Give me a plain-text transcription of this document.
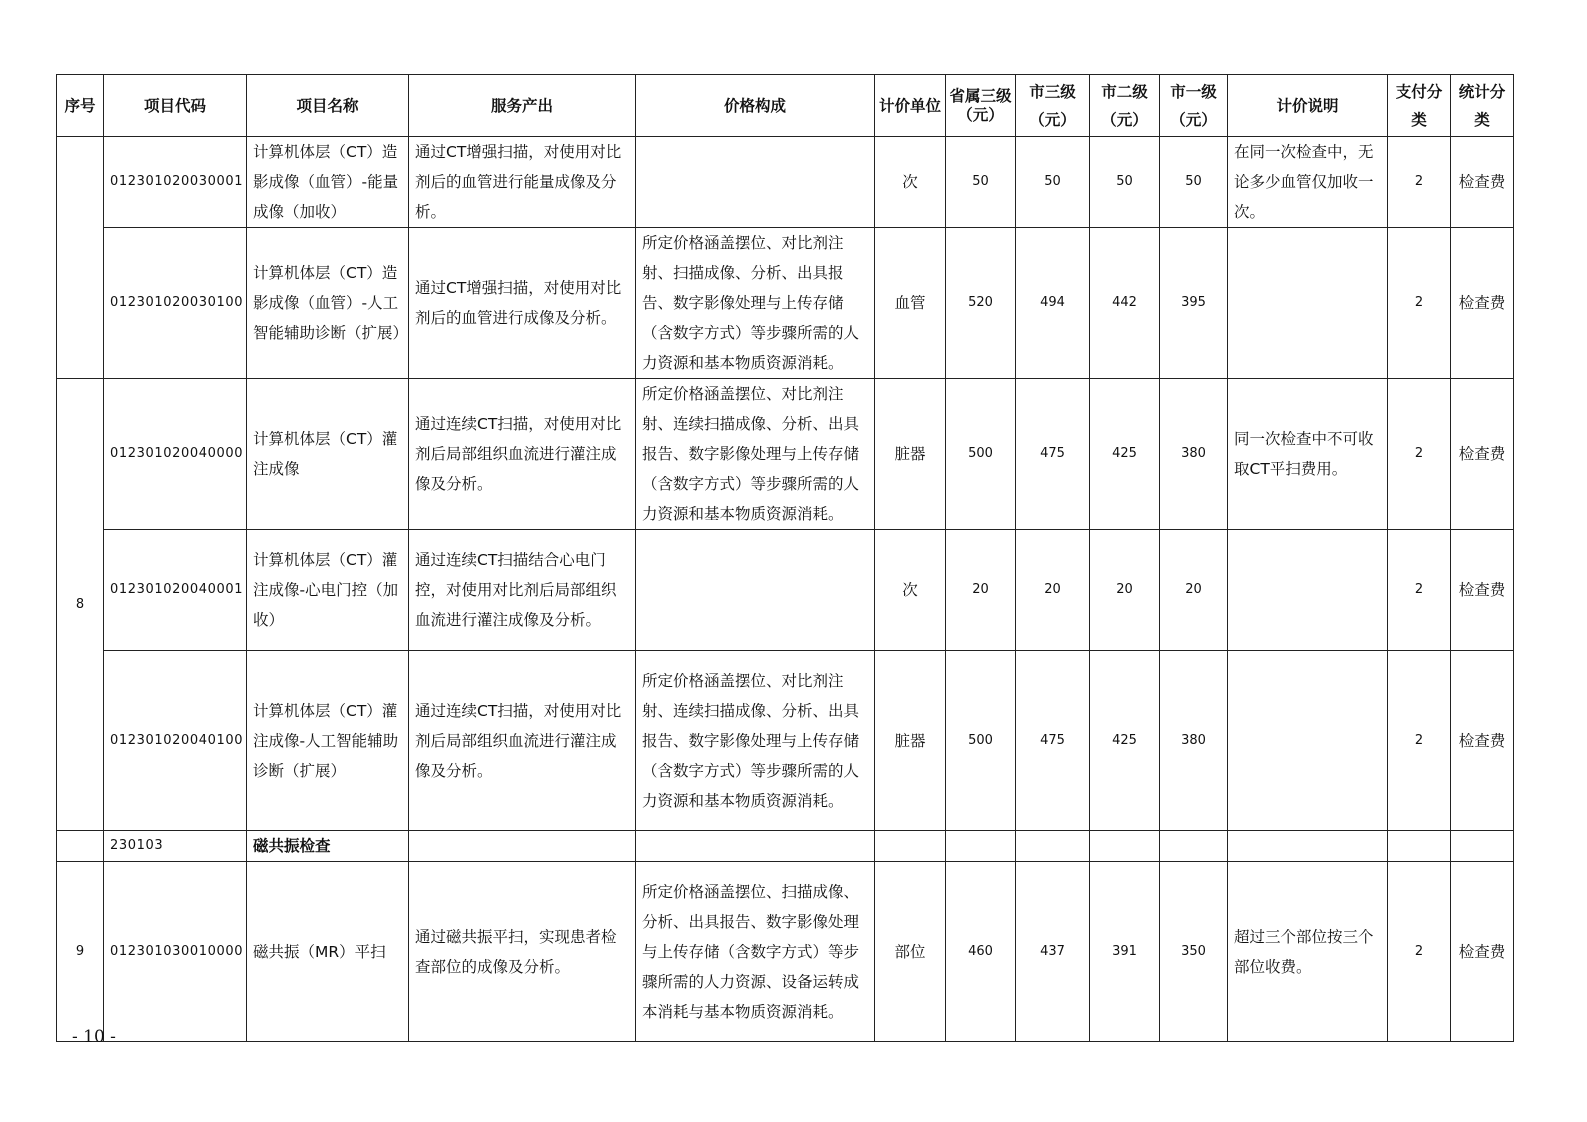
序号	项目代码	项目名称	服务产出	价格构成	计价单位	省属三级（元）	市三级（元）	市二级（元）	市一级（元）	计价说明	支付分类	统计分类
	012301020030001	计算机体层（CT）造影成像（血管）-能量成像（加收）	通过CT增强扫描，对使用对比剂后的血管进行能量成像及分析。		次	50	50	50	50	在同一次检查中，无论多少血管仅加收一次。	2	检查费
	012301020030100	计算机体层（CT）造影成像（血管）-人工智能辅助诊断（扩展）	通过CT增强扫描，对使用对比剂后的血管进行成像及分析。	所定价格涵盖摆位、对比剂注射、扫描成像、分析、出具报告、数字影像处理与上传存储（含数字方式）等步骤所需的人力资源和基本物质资源消耗。	血管	520	494	442	395		2	检查费
8	012301020040000	计算机体层（CT）灌注成像	通过连续CT扫描，对使用对比剂后局部组织血流进行灌注成像及分析。	所定价格涵盖摆位、对比剂注射、连续扫描成像、分析、出具报告、数字影像处理与上传存储（含数字方式）等步骤所需的人力资源和基本物质资源消耗。	脏器	500	475	425	380	同一次检查中不可收取CT平扫费用。	2	检查费
	012301020040001	计算机体层（CT）灌注成像-心电门控（加收）	通过连续CT扫描结合心电门控，对使用对比剂后局部组织血流进行灌注成像及分析。		次	20	20	20	20		2	检查费
	012301020040100	计算机体层（CT）灌注成像-人工智能辅助诊断（扩展）	通过连续CT扫描，对使用对比剂后局部组织血流进行灌注成像及分析。	所定价格涵盖摆位、对比剂注射、连续扫描成像、分析、出具报告、数字影像处理与上传存储（含数字方式）等步骤所需的人力资源和基本物质资源消耗。	脏器	500	475	425	380		2	检查费
	230103	磁共振检查										
9	012301030010000	磁共振（MR）平扫	通过磁共振平扫，实现患者检查部位的成像及分析。	所定价格涵盖摆位、扫描成像、分析、出具报告、数字影像处理与上传存储（含数字方式）等步骤所需的人力资源、设备运转成本消耗与基本物质资源消耗。	部位	460	437	391	350	超过三个部位按三个部位收费。	2	检查费
- 10 -
